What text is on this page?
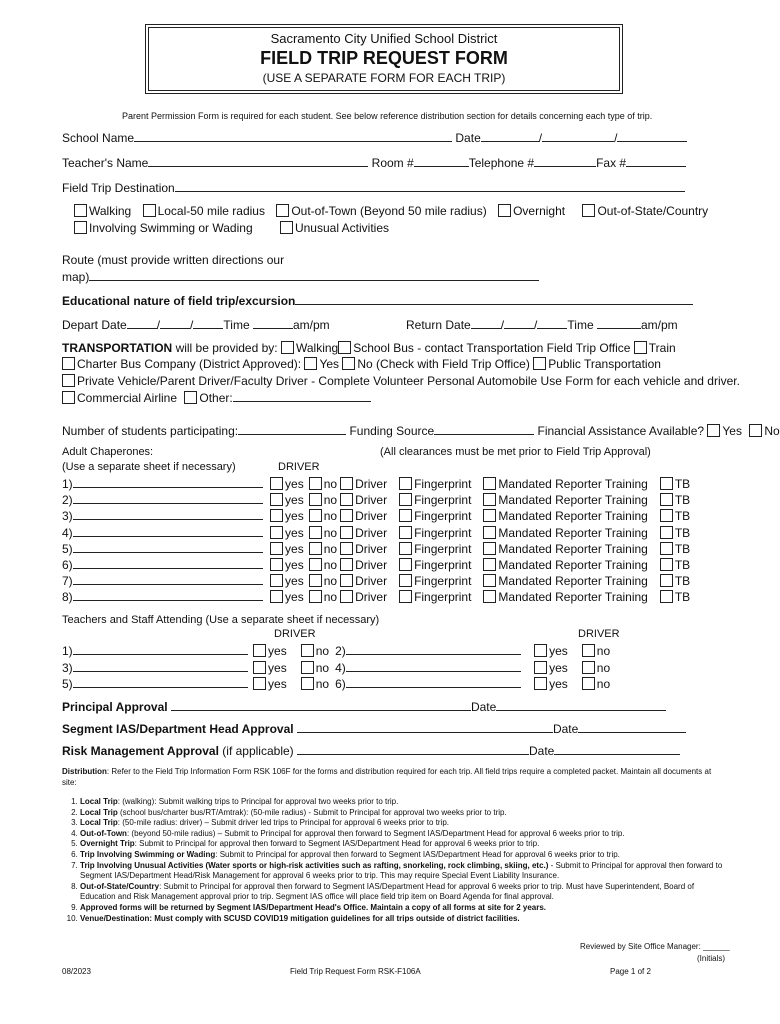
Sacramento City Unified School District
FIELD TRIP REQUEST FORM
(USE A SEPARATE FORM FOR EACH TRIP)
Parent Permission Form is required for each student. See below reference distribution section for details concerning each type of trip.
School Name	Date	/	/
Teacher's Name	Room #	Telephone #	Fax #
Field Trip Destination
Walking Local-50 mile radius Out-of-Town (Beyond 50 mile radius) Overnight	Out-of-State/Country
Involving Swimming or Wading	Unusual Activities
Route (must provide written directions our
map)
Educational nature of field trip/excursion
Depart Date	/	/	Time	am/pm	Return Date	/	/	Time	am/pm
TRANSPORTATION will be provided by: Walking School Bus - contact Transportation Field Trip Office Train
Charter Bus Company (District Approved): Yes No (Check with Field Trip Office) Public Transportation
Private Vehicle/Parent Driver/Faculty Driver - Complete Volunteer Personal Automobile Use Form for each vehicle and driver.
Commercial Airline Other:
Number of students participating:	Funding Source	Financial Assistance Available? Yes No
Adult Chaperones:	(All clearances must be met prior to Field Trip Approval)
(Use a separate sheet if necessary)	DRIVER
1)	yes no Driver Fingerprint Mandated Reporter Training TB
2)	yes no Driver Fingerprint Mandated Reporter Training TB
3)	yes no Driver Fingerprint Mandated Reporter Training TB
4)	yes no Driver Fingerprint Mandated Reporter Training TB
5)	yes no Driver Fingerprint Mandated Reporter Training TB
6)	yes no Driver Fingerprint Mandated Reporter Training TB
7)	yes no Driver Fingerprint Mandated Reporter Training TB
8)	yes no Driver Fingerprint Mandated Reporter Training TB
Teachers and Staff Attending (Use a separate sheet if necessary)
DRIVER	DRIVER
1)	yes no 2)	yes no
3)	yes no 4)	yes no
5)	yes no 6)	yes no
Principal Approval	Date
Segment IAS/Department Head Approval	Date
Risk Management Approval (if applicable)	Date
Distribution: Refer to the Field Trip Information Form RSK 106F for the forms and distribution required for each trip. All field trips require a completed packet. Maintain all documents at site:
1. Local Trip: (walking): Submit walking trips to Principal for approval two weeks prior to trip.
2. Local Trip (school bus/charter bus/RT/Amtrak): (50-mile radius) - Submit to Principal for approval two weeks prior to trip.
3. Local Trip: (50-mile radius: driver) – Submit driver led trips to Principal for approval 6 weeks prior to trip.
4. Out-of-Town: (beyond 50-mile radius) – Submit to Principal for approval then forward to Segment IAS/Department Head for approval 6 weeks prior to trip.
5. Overnight Trip: Submit to Principal for approval then forward to Segment IAS/Department Head for approval 6 weeks prior to trip.
6. Trip Involving Swimming or Wading: Submit to Principal for approval then forward to Segment IAS/Department Head for approval 6 weeks prior to trip.
7. Trip Involving Unusual Activities (Water sports or high-risk activities such as rafting, snorkeling, rock climbing, skiing, etc.) - Submit to Principal for approval then forward to Segment IAS/Department Head/Risk Management for approval 6 weeks prior to trip. This may require Special Event Liability Insurance.
8. Out-of-State/Country: Submit to Principal for approval then forward to Segment IAS/Department Head for approval 6 weeks prior to trip. Must have Superintendent, Board of Education and Risk Management approval prior to trip. Segment IAS office will place field trip item on Board Agenda for final approval.
9. Approved forms will be returned by Segment IAS/Department Head's Office. Maintain a copy of all forms at site for 2 years.
10. Venue/Destination: Must comply with SCUSD COVID19 mitigation guidelines for all trips outside of district facilities.
Reviewed by Site Office Manager: ______
(Initials)
08/2023	Field Trip Request Form RSK-F106A	Page 1 of 2
